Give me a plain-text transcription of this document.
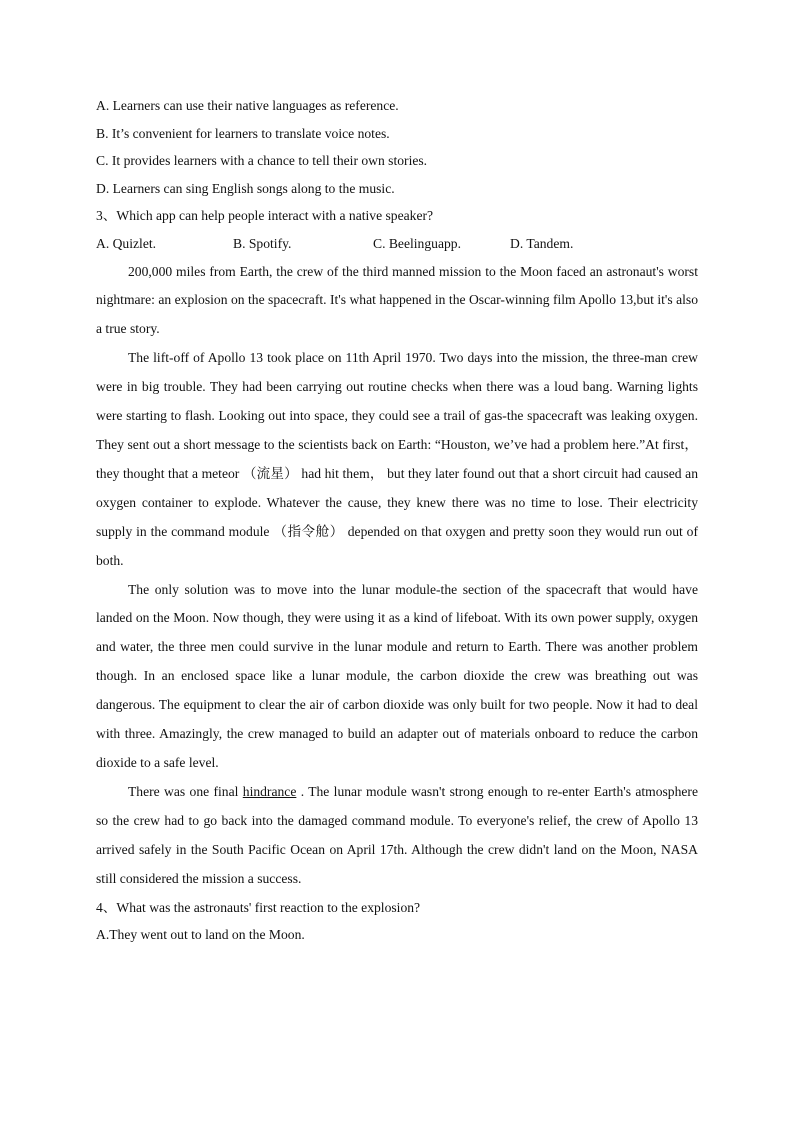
A. Learners can use their native languages as reference.
B. It’s convenient for learners to translate voice notes.
C. It provides learners with a chance to tell their own stories.
D. Learners can sing English songs along to the music.
3、Which app can help people interact with a native speaker?
A. Quizlet.	B. Spotify.	C. Beelinguapp.	D. Tandem.

200,000 miles from Earth, the crew of the third manned mission to the Moon faced an astronaut's worst nightmare: an explosion on the spacecraft. It's what happened in the Oscar-winning film Apollo 13,but it's also a true story.

The lift-off of Apollo 13 took place on 11th April 1970. Two days into the mission, the three-man crew were in big trouble. They had been carrying out routine checks when there was a loud bang. Warning lights were starting to flash. Looking out into space, they could see a trail of gas-the spacecraft was leaking oxygen. They sent out a short message to the scientists back on Earth: “Houston, we’ve had a problem here.”At first， they thought that a meteor （流星） had hit them， but they later found out that a short circuit had caused an oxygen container to explode. Whatever the cause, they knew there was no time to lose. Their electricity supply in the command module （指令舱） depended on that oxygen and pretty soon they would run out of both.

The only solution was to move into the lunar module-the section of the spacecraft that would have landed on the Moon. Now though, they were using it as a kind of lifeboat. With its own power supply, oxygen and water, the three men could survive in the lunar module and return to Earth. There was another problem though. In an enclosed space like a lunar module, the carbon dioxide the crew was breathing out was dangerous. The equipment to clear the air of carbon dioxide was only built for two people. Now it had to deal with three. Amazingly, the crew managed to build an adapter out of materials onboard to reduce the carbon dioxide to a safe level.

There was one final hindrance . The lunar module wasn't strong enough to re-enter Earth's atmosphere so the crew had to go back into the damaged command module. To everyone's relief, the crew of Apollo 13 arrived safely in the South Pacific Ocean on April 17th. Although the crew didn't land on the Moon, NASA still considered the mission a success.

4、What was the astronauts' first reaction to the explosion?
A.They went out to land on the Moon.
